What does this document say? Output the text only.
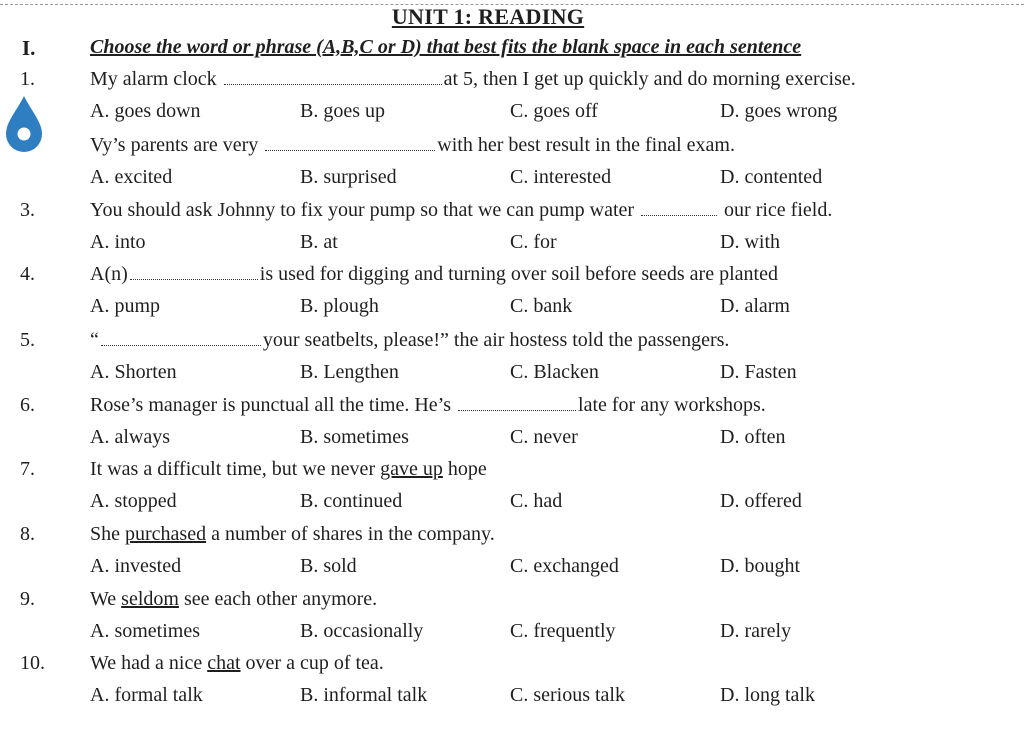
UNIT 1: READING
I.	Choose the word or phrase (A,B,C or D) that best fits the blank space in each sentence
1.	My alarm clock	at 5, then I get up quickly and do morning exercise.
A. goes down	B. goes up	C. goes off	D. goes wrong
Vy’s parents are very	with her best result in the final exam.
A. excited	B. surprised	C. interested	D. contented
3.	You should ask Johnny to fix your pump so that we can pump water	our rice field.
A. into	B. at	C. for	D. with
4.	A(n)	is used for digging and turning over soil before seeds are planted
A. pump	B. plough	C. bank	D. alarm
5.	“	your seatbelts, please!” the air hostess told the passengers.
A. Shorten	B. Lengthen	C. Blacken	D. Fasten
6.	Rose’s manager is punctual all the time. He’s	late for any workshops.
A. always	B. sometimes	C. never	D. often
7.	It was a difficult time, but we never gave up hope
A. stopped	B. continued	C. had	D. offered
8.	She purchased a number of shares in the company.
A. invested	B. sold	C. exchanged	D. bought
9.	We seldom see each other anymore.
A. sometimes	B. occasionally	C. frequently	D. rarely
10. We had a nice chat over a cup of tea.
A. formal talk	B. informal talk	C. serious talk	D. long talk
